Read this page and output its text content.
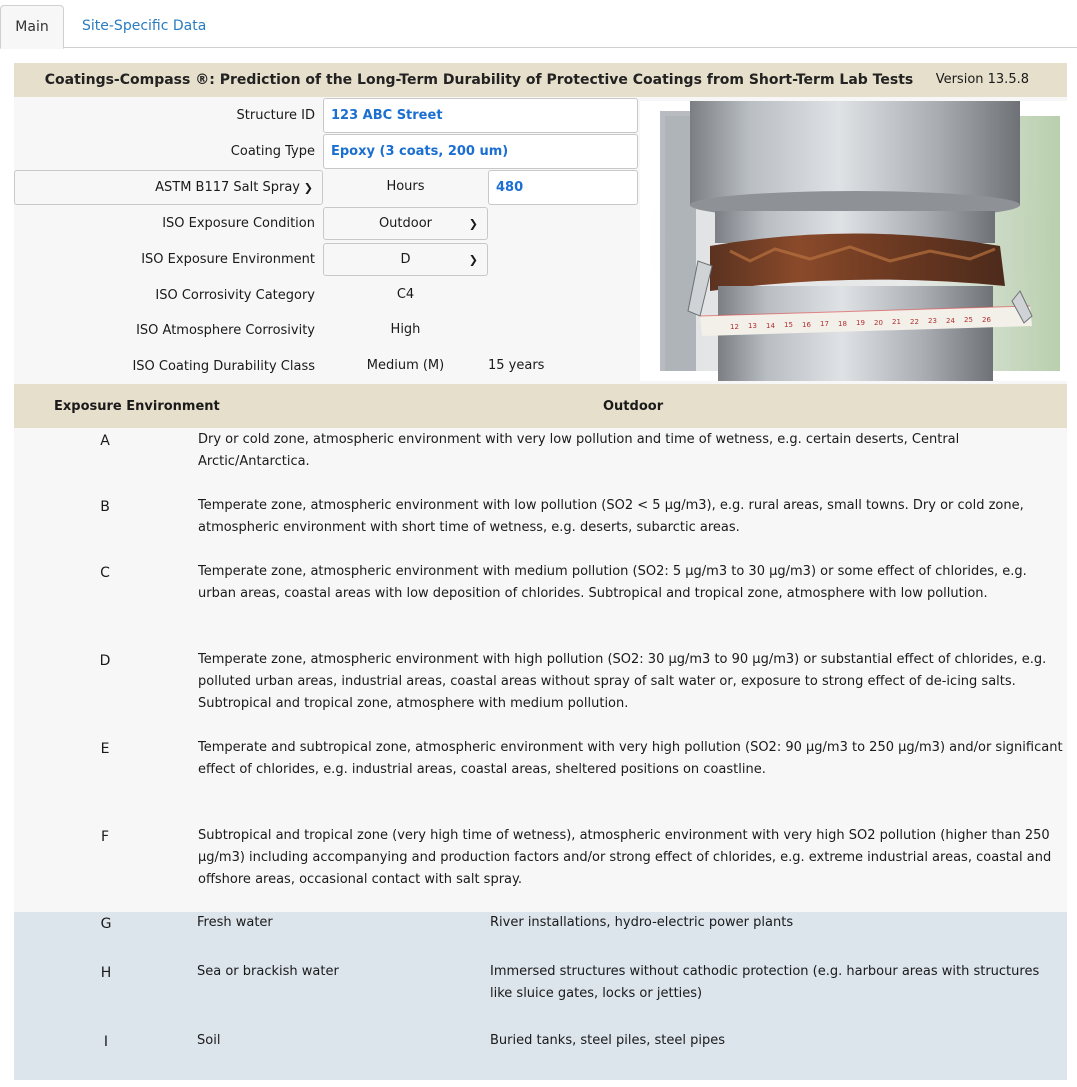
Main	Site-Specific Data
Coatings-Compass ®: Prediction of the Long-Term Durability of Protective Coatings from Short-Term Lab Tests	Version 13.5.8
Structure ID	123 ABC Street
Coating Type	Epoxy (3 coats, 200 um)
ASTM B117 Salt Spray ❯	Hours	480
ISO Exposure Condition	Outdoor	❯
ISO Exposure Environment	D	❯
ISO Corrosivity Category	C4
ISO Atmosphere Corrosivity	High
ISO Coating Durability Class	Medium (M)	15 years
12 13 14 15 16 17 18 19 20 21 22 23 24 25 26
Exposure Environment	Outdoor
A	Dry or cold zone, atmospheric environment with very low pollution and time of wetness, e.g. certain deserts, Central Arctic/Antarctica.
B	Temperate zone, atmospheric environment with low pollution (SO2 < 5 µg/m3), e.g. rural areas, small towns. Dry or cold zone, atmospheric environment with short time of wetness, e.g. deserts, subarctic areas.
C	Temperate zone, atmospheric environment with medium pollution (SO2: 5 µg/m3 to 30 µg/m3) or some effect of chlorides, e.g. urban areas, coastal areas with low deposition of chlorides. Subtropical and tropical zone, atmosphere with low pollution.
D	Temperate zone, atmospheric environment with high pollution (SO2: 30 µg/m3 to 90 µg/m3) or substantial effect of chlorides, e.g. polluted urban areas, industrial areas, coastal areas without spray of salt water or, exposure to strong effect of de-icing salts. Subtropical and tropical zone, atmosphere with medium pollution.
E	Temperate and subtropical zone, atmospheric environment with very high pollution (SO2: 90 µg/m3 to 250 µg/m3) and/or significant effect of chlorides, e.g. industrial areas, coastal areas, sheltered positions on coastline.
F	Subtropical and tropical zone (very high time of wetness), atmospheric environment with very high SO2 pollution (higher than 250 µg/m3) including accompanying and production factors and/or strong effect of chlorides, e.g. extreme industrial areas, coastal and offshore areas, occasional contact with salt spray.
G	Fresh water	River installations, hydro-electric power plants
H	Sea or brackish water	Immersed structures without cathodic protection (e.g. harbour areas with structures like sluice gates, locks or jetties)
I	Soil	Buried tanks, steel piles, steel pipes
